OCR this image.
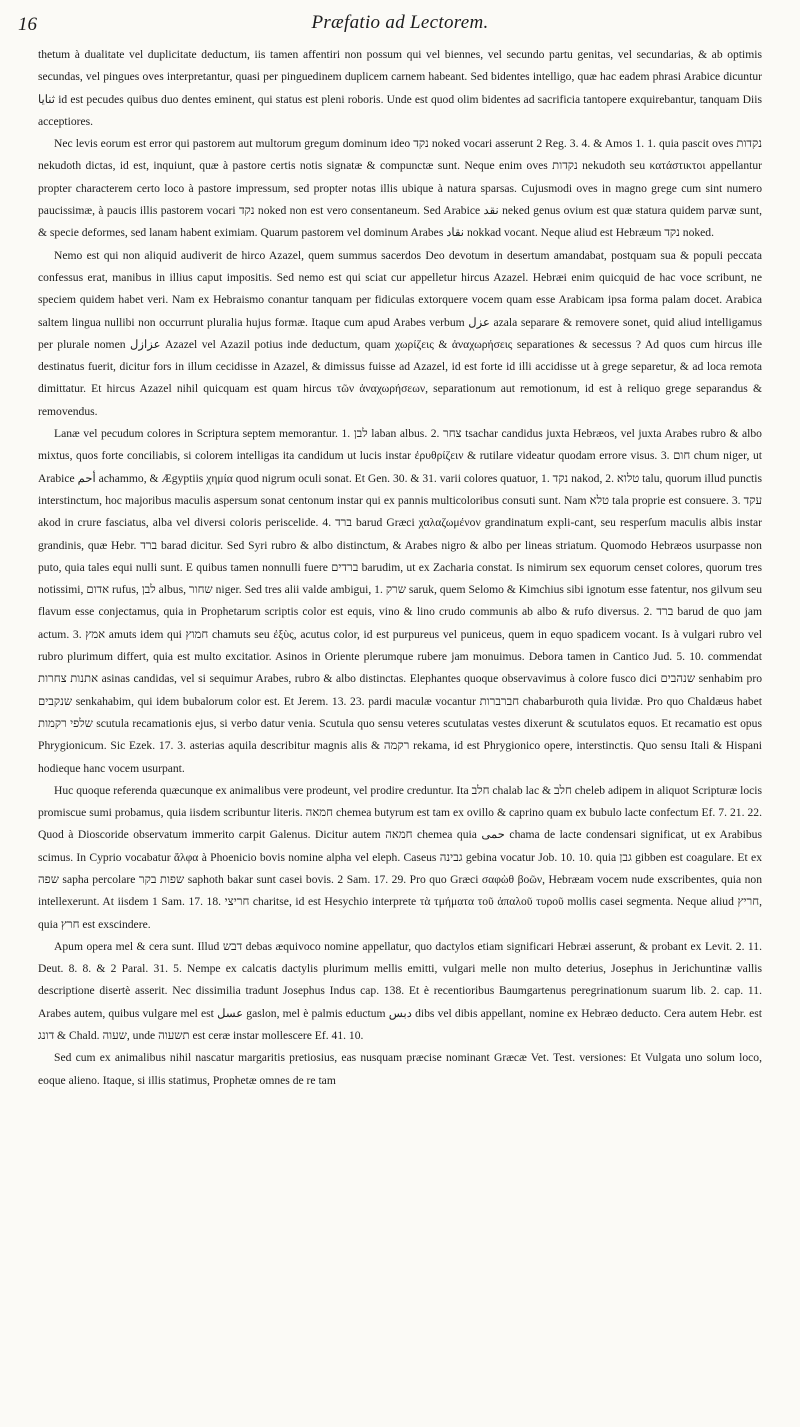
16	Præfatio ad Lectorem.

thetum à dualitate vel duplicitate deductum, iis tamen affentiri non possum qui vel biennes, vel secundo partu genitas, vel secundarias, & ab optimis secundas, vel pingues oves interpretantur, quasi per pinguedinem duplicem carnem habeant. Sed bidentes intelligo, quæ hac eadem phrasi Arabice dicuntur ثنايا id est pecudes quibus duo dentes eminent, qui status est pleni roboris. Unde est quod olim bidentes ad sacrificia tantopere exquirebantur, tanquam Diis acceptiores.

Nec levis eorum est error qui pastorem aut multorum gregum dominum ideo נקד noked vocari asserunt 2 Reg. 3. 4. & Amos 1. 1. quia pascit oves נקדות nekudoth dictas, id est, inquiunt, quæ à pastore certis notis signatæ & compunctæ sunt. Neque enim oves נקדות nekudoth seu κατάστικτοι appellantur propter characterem certo loco à pastore impressum, sed propter notas illis ubique à natura sparsas. Cujusmodi oves in magno grege cum sint numero paucissimæ, à paucis illis pastorem vocari נקד noked non est vero consentaneum. Sed Arabice نقد neked genus ovium est quæ statura quidem parvæ sunt, & specie deformes, sed lanam habent eximiam. Quarum pastorem vel dominum Arabes نقاد nokkad vocant. Neque aliud est Hebræum נקד noked.

Nemo est qui non aliquid audiverit de hirco Azazel, quem summus sacerdos Deo devotum in desertum amandabat, postquam sua & populi peccata confessus erat, manibus in illius caput impositis. Sed nemo est qui sciat cur appelletur hircus Azazel. Hebræi enim quicquid de hac voce scribunt, ne speciem quidem habet veri. Nam ex Hebraismo conantur tanquam per fidiculas extorquere vocem quam esse Arabicam ipsa forma palam docet. Arabica saltem lingua nullibi non occurrunt pluralia hujus formæ. Itaque cum apud Arabes verbum عزل azala separare & removere sonet, quid aliud intelligamus per plurale nomen عزازل Azazel vel Azazil potius inde deductum, quam χωρίζεις & ἀναχωρήσεις separationes & secessus ? Ad quos cum hircus ille destinatus fuerit, dicitur fors in illum cecidisse in Azazel, & dimissus fuisse ad Azazel, id est forte id illi accidisse ut à grege separetur, & ad loca remota dimittatur. Et hircus Azazel nihil quicquam est quam hircus τῶν ἀναχωρήσεων, separationum aut remotionum, id est à reliquo grege separandus & removendus.

Lanæ vel pecudum colores in Scriptura septem memorantur. 1. לבן laban albus. 2. צחר tsachar candidus juxta Hebræos, vel juxta Arabes rubro & albo mixtus, quos forte conciliabis, si colorem intelligas ita candidum ut lucis instar ἐρυθρίζειν & rutilare videatur quodam errore visus. 3. חום chum niger, ut Arabice أحم achammo, & Ægyptiis χημία quod nigrum oculi sonat. Et Gen. 30. & 31. varii colores quatuor, 1. נקד nakod, 2. טלוא talu, quorum illud punctis interstinctum, hoc majoribus maculis aspersum sonat centonum instar qui ex pannis multicoloribus consuti sunt. Nam טלא tala proprie est consuere. 3. עקד akod in crure fasciatus, alba vel diversi coloris periscelide. 4. ברד barud Græci χαλαζωμένον grandinatum expli-cant, seu resperſum maculis albis instar grandinis, quæ Hebr. ברד barad dicitur. Sed Syri rubro & albo distinctum, & Arabes nigro & albo per lineas striatum. Quomodo Hebræos usurpasse non puto, quia tales equi nulli sunt. E quibus tamen nonnulli fuere ברדים barudim, ut ex Zacharia constat. Is nimirum sex equorum censet colores, quorum tres notissimi, אדום rufus, לבן albus, שחור niger. Sed tres alii valde ambigui, 1. שרק saruk, quem Selomo & Kimchius sibi ignotum esse fatentur, nos gilvum seu flavum esse conjectamus, quia in Prophetarum scriptis color est equis, vino & lino crudo communis ab albo & rufo diversus. 2. ברד barud de quo jam actum. 3. אמץ amuts idem qui חמוץ chamuts seu ἐξὺς, acutus color, id est purpureus vel puniceus, quem in equo spadicem vocant. Is à vulgari rubro vel rubro plurimum differt, quia est multo excitatior. Asinos in Oriente plerumque rubere jam monuimus. Debora tamen in Cantico Jud. 5. 10. commendat אתנות צחרות asinas candidas, vel si sequimur Arabes, rubro & albo distinctas. Elephantes quoque observavimus à colore fusco dici שנהבים senhabim pro שנקבים senkahabim, qui idem bubalorum color est. Et Jerem. 13. 23. pardi maculæ vocantur חברברות chabarburoth quia lividæ. Pro quo Chaldæus habet שלפי רקמות scutula recamationis ejus, si verbo datur venia. Scutula quo sensu veteres scutulatas vestes dixerunt & scutulatos equos. Et recamatio est opus Phrygionicum. Sic Ezek. 17. 3. asterias aquila describitur magnis alis & רקמה rekama, id est Phrygionico opere, interstinctis. Quo sensu Itali & Hispani hodieque hanc vocem usurpant.

Huc quoque referenda quæcunque ex animalibus vere prodeunt, vel prodire creduntur. Ita חלב chalab lac & חלב cheleb adipem in aliquot Scripturæ locis promiscue sumi probamus, quia iisdem scribuntur literis. חמאה chemea butyrum est tam ex ovillo & caprino quam ex bubulo lacte confectum Ef. 7. 21. 22. Quod à Dioscoride observatum immerito carpit Galenus. Dicitur autem חמאה chemea quia حمى chama de lacte condensari significat, ut ex Arabibus scimus. In Cyprio vocabatur ἄλφα à Phoenicio bovis nomine alpha vel eleph. Caseus גבינה gebina vocatur Job. 10. 10. quia גבן gibben est coagulare. Et ex שפה sapha percolare שפות בקר saphoth bakar sunt casei bovis. 2 Sam. 17. 29. Pro quo Græci σαφὼθ βοῶν, Hebræam vocem nude exscribentes, quia non intellexerunt. At iisdem 1 Sam. 17. 18. חריצי charitse, id est Hesychio interprete τὰ τμήματα τοῦ ἁπαλοῦ τυροῦ mollis casei segmenta. Neque aliud חריץ, quia חרץ est exscindere.

Apum opera mel & cera sunt. Illud דבש debas æquivoco nomine appellatur, quo dactylos etiam significari Hebræi asserunt, & probant ex Levit. 2. 11. Deut. 8. 8. & 2 Paral. 31. 5. Nempe ex calcatis dactylis plurimum mellis emitti, vulgari melle non multo deterius, Josephus in Jerichuntinæ vallis descriptione disertè asserit. Nec dissimilia tradunt Josephus Indus cap. 138. Et è recentioribus Baumgartenus peregrinationum suarum lib. 2. cap. 11. Arabes autem, quibus vulgare mel est عسل gaslon, mel è palmis eductum دبس dibs vel dibis appellant, nomine ex Hebræo deducto. Cera autem Hebr. est דונג & Chald. שעוה, unde תשעוה est ceræ instar mollescere Ef. 41. 10.

Sed cum ex animalibus nihil nascatur margaritis pretiosius, eas nusquam præcise nominant Græcæ Vet. Test. versiones: Et Vulgata uno solum loco, eoque alieno. Itaque, si illis statimus, Prophetæ omnes de re tam
